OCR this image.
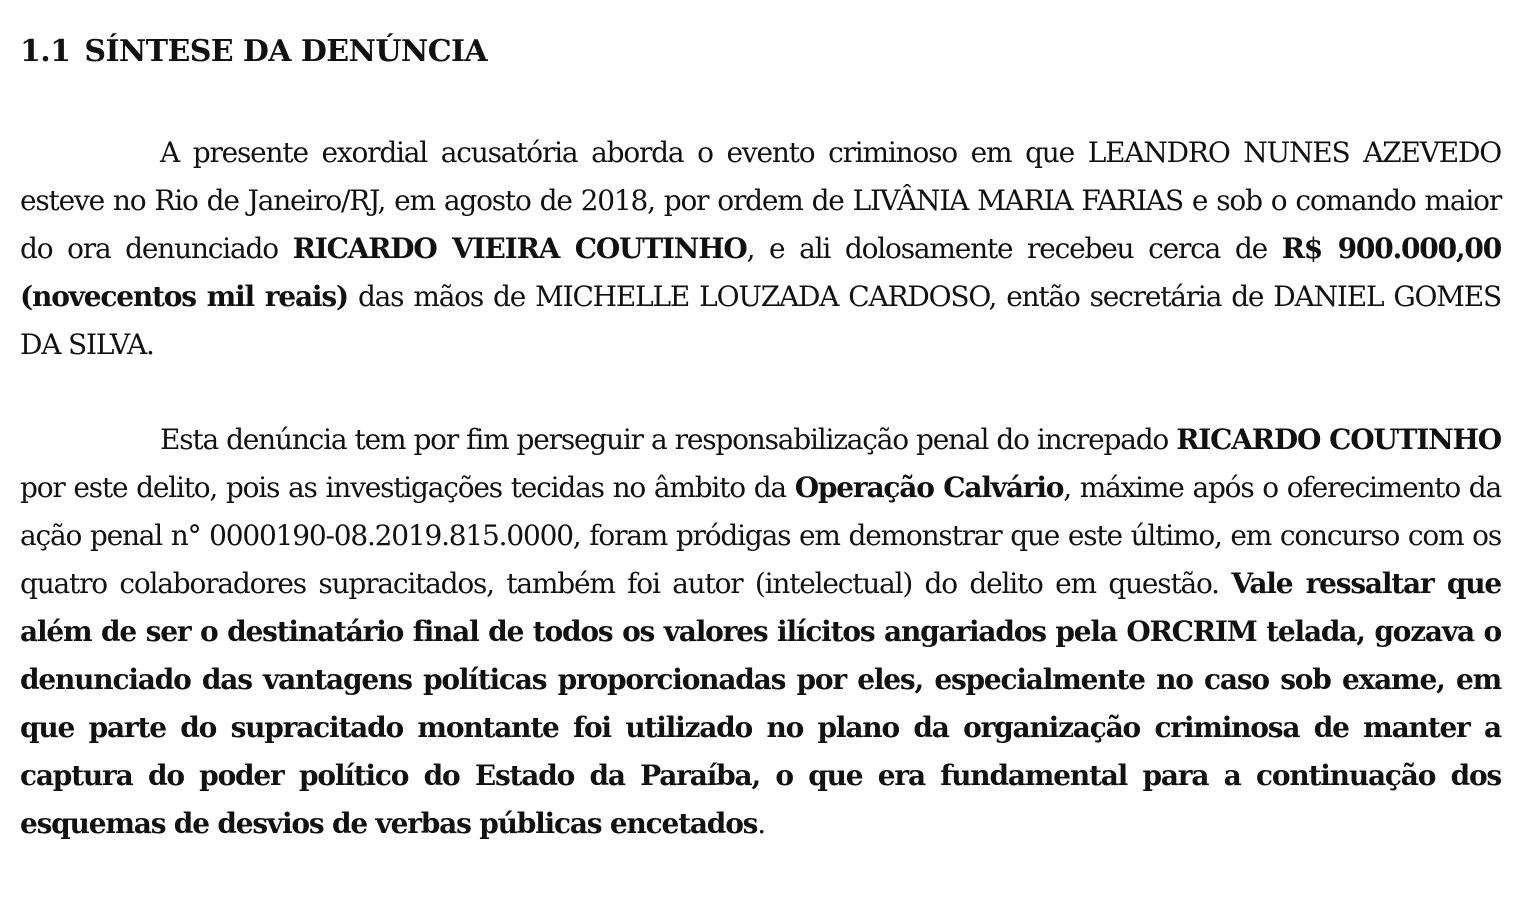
1.1 SÍNTESE DA DENÚNCIA

A presente exordial acusatória aborda o evento criminoso em que LEANDRO NUNES AZEVEDO esteve no Rio de Janeiro/RJ, em agosto de 2018, por ordem de LIVÂNIA MARIA FARIAS e sob o comando maior do ora denunciado RICARDO VIEIRA COUTINHO, e ali dolosamente recebeu cerca de R$ 900.000,00 (novecentos mil reais) das mãos de MICHELLE LOUZADA CARDOSO, então secretária de DANIEL GOMES DA SILVA.

Esta denúncia tem por fim perseguir a responsabilização penal do increpado RICARDO COUTINHO por este delito, pois as investigações tecidas no âmbito da Operação Calvário, máxime após o oferecimento da ação penal n° 0000190-08.2019.815.0000, foram pródigas em demonstrar que este último, em concurso com os quatro colaboradores supracitados, também foi autor (intelectual) do delito em questão. Vale ressaltar que além de ser o destinatário final de todos os valores ilícitos angariados pela ORCRIM telada, gozava o denunciado das vantagens políticas proporcionadas por eles, especialmente no caso sob exame, em que parte do supracitado montante foi utilizado no plano da organização criminosa de manter a captura do poder político do Estado da Paraíba, o que era fundamental para a continuação dos esquemas de desvios de verbas públicas encetados.
